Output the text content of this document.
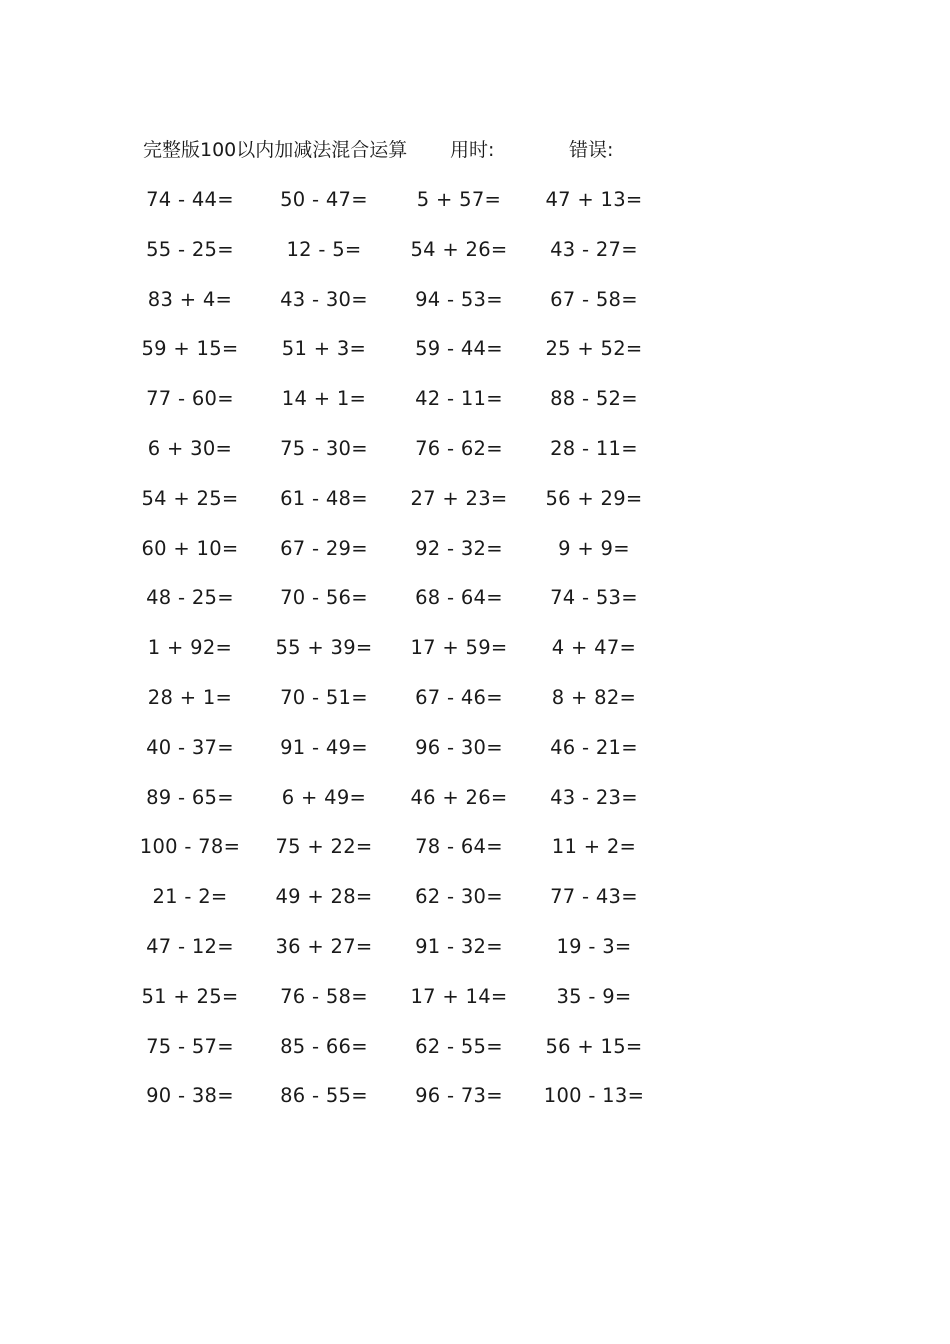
完整版100以内加减法混合运算 用时:	错误:
74 - 44=	50 - 47=	5 + 57=	47 + 13=
55 - 25=	12 - 5=	54 + 26=	43 - 27=
83 + 4=	43 - 30=	94 - 53=	67 - 58=
59 + 15=	51 + 3=	59 - 44=	25 + 52=
77 - 60=	14 + 1=	42 - 11=	88 - 52=
6 + 30=	75 - 30=	76 - 62=	28 - 11=
54 + 25=	61 - 48=	27 + 23=	56 + 29=
60 + 10=	67 - 29=	92 - 32=	9 + 9=
48 - 25=	70 - 56=	68 - 64=	74 - 53=
1 + 92=	55 + 39=	17 + 59=	4 + 47=
28 + 1=	70 - 51=	67 - 46=	8 + 82=
40 - 37=	91 - 49=	96 - 30=	46 - 21=
89 - 65=	6 + 49=	46 + 26=	43 - 23=
100 - 78=	75 + 22=	78 - 64=	11 + 2=
21 - 2=	49 + 28=	62 - 30=	77 - 43=
47 - 12=	36 + 27=	91 - 32=	19 - 3=
51 + 25=	76 - 58=	17 + 14=	35 - 9=
75 - 57=	85 - 66=	62 - 55=	56 + 15=
90 - 38=	86 - 55=	96 - 73=	100 - 13=
